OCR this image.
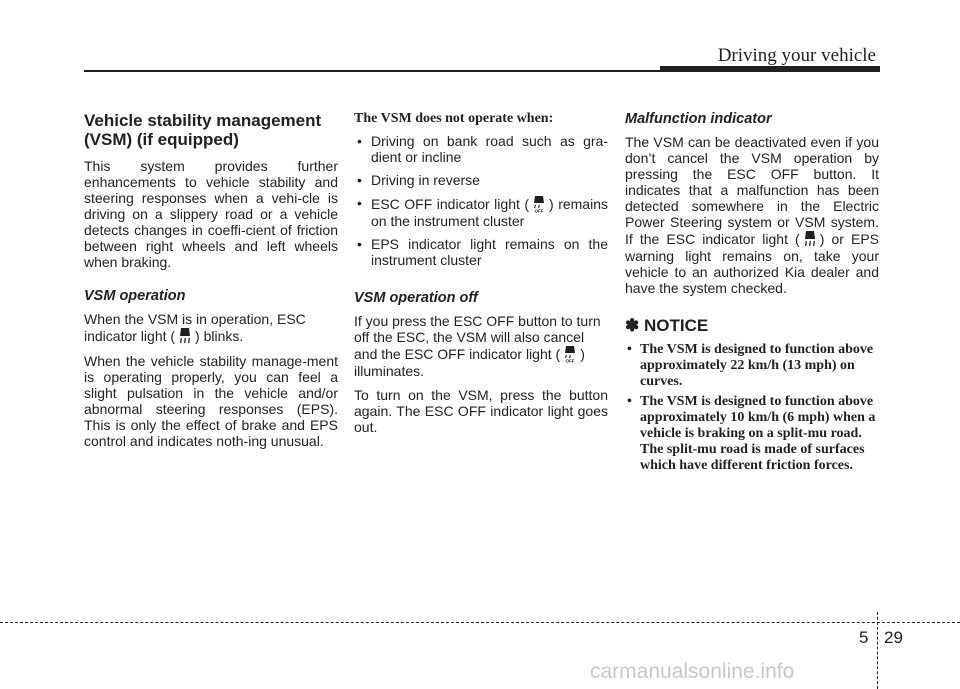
Driving your vehicle
Vehicle stability management
(VSM) (if equipped)

This system provides further enhancements to vehicle stability and steering responses when a vehi-cle is driving on a slippery road or a vehicle detects changes in coeffi-cient of friction between right wheels and left wheels when braking.

VSM operation

When the VSM is in operation, ESC indicator light ( ) blinks.

When the vehicle stability manage-ment is operating properly, you can feel a slight pulsation in the vehicle and/or abnormal steering responses (EPS). This is only the effect of brake and EPS control and indicates noth-ing unusual.

The VSM does not operate when:
• Driving on bank road such as gra-dient or incline
• Driving in reverse
• ESC OFF indicator light ( OFF ) remains on the instrument cluster
• EPS indicator light remains on the instrument cluster
VSM operation off

If you press the ESC OFF button to turn off the ESC, the VSM will also cancel and the ESC OFF indicator light ( OFF ) illuminates.

To turn on the VSM, press the button again. The ESC OFF indicator light goes out.

Malfunction indicator

The VSM can be deactivated even if you don’t cancel the VSM operation by pressing the ESC OFF button. It indicates that a malfunction has been detected somewhere in the Electric Power Steering system or VSM system. If the ESC indicator light ( ) or EPS warning light remains on, take your vehicle to an authorized Kia dealer and have the system checked.

✽ NOTICE
• The VSM is designed to function above approximately 22 km/h (13 mph) on curves.
• The VSM is designed to function above approximately 10 km/h (6 mph) when a vehicle is braking on a split-mu road. The split-mu road is made of surfaces which have different friction forces.
5 29
carmanualsonline.info
